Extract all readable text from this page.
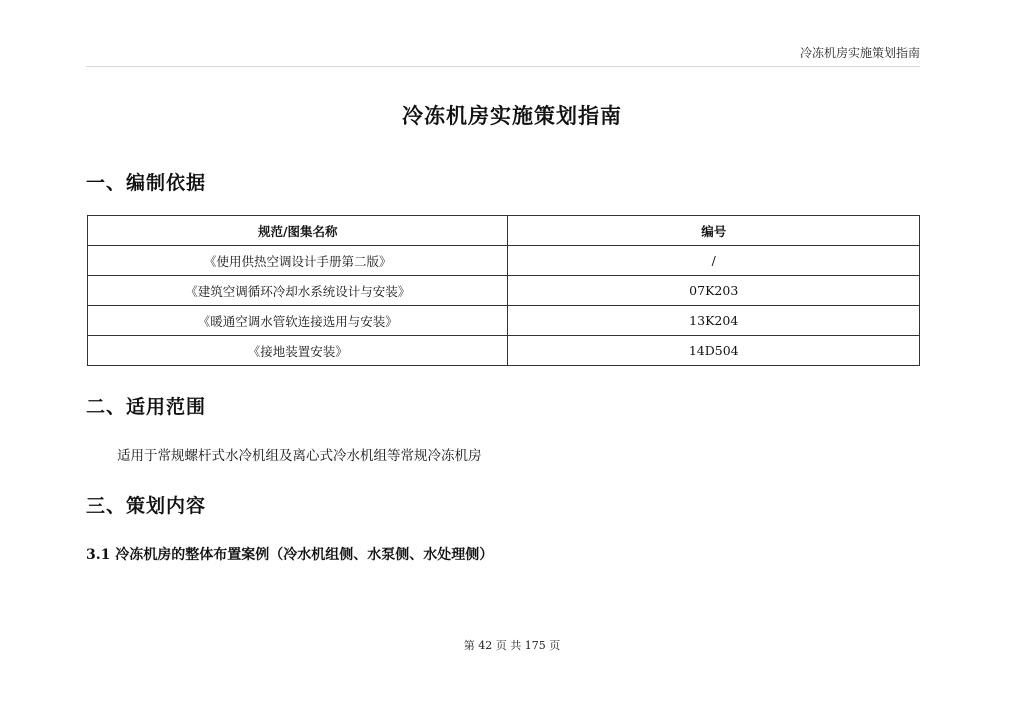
冷冻机房实施策划指南
冷冻机房实施策划指南
一、编制依据
规范/图集名称	编号
《使用供热空调设计手册第二版》	/
《建筑空调循环冷却水系统设计与安装》	07K203
《暖通空调水管软连接选用与安装》	13K204
《接地装置安装》	14D504
二、适用范围
适用于常规螺杆式水冷机组及离心式冷水机组等常规冷冻机房
三、策划内容
3.1 冷冻机房的整体布置案例（冷水机组侧、水泵侧、水处理侧）
第 42 页 共 175 页
